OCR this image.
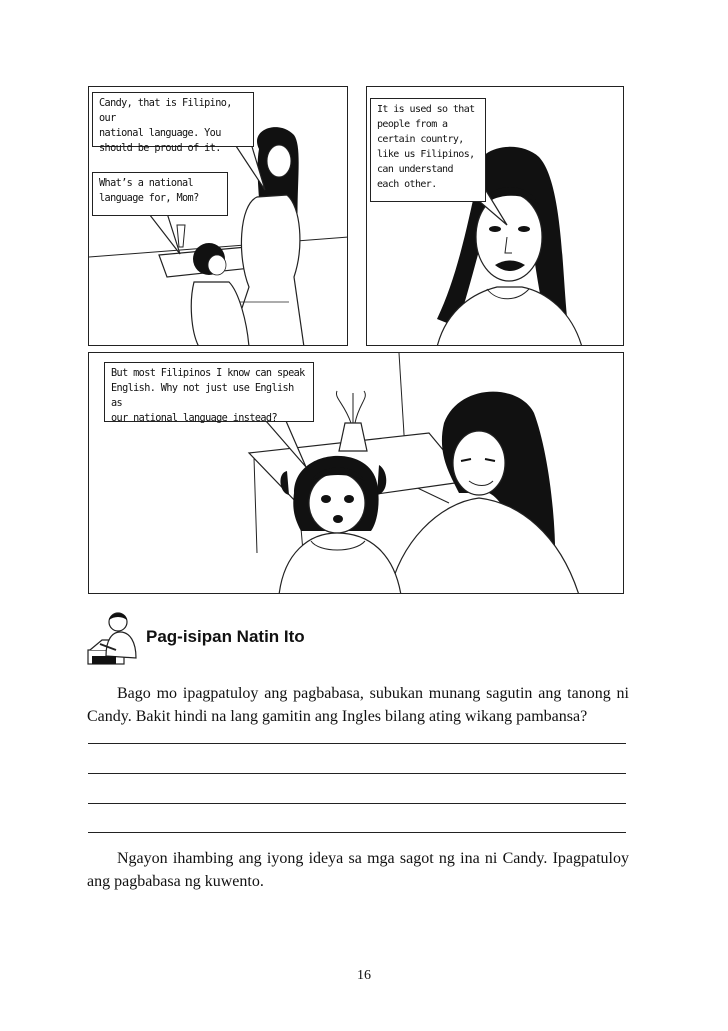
Candy, that is Filipino, our
national language. You
should be proud of it.
What’s a national
language for, Mom?
It is used so that
people from a
certain country,
like us Filipinos,
can understand
each other.
But most Filipinos I know can speak
English. Why not just use English as
our national language instead?
Pag-isipan Natin Ito
Bago mo ipagpatuloy ang pagbabasa, subukan munang sagutin ang tanong ni Candy. Bakit hindi na lang gamitin ang Ingles bilang ating wikang pambansa?
Ngayon ihambing ang iyong ideya sa mga sagot ng ina ni Candy. Ipagpatuloy ang pagbabasa ng kuwento.
16
